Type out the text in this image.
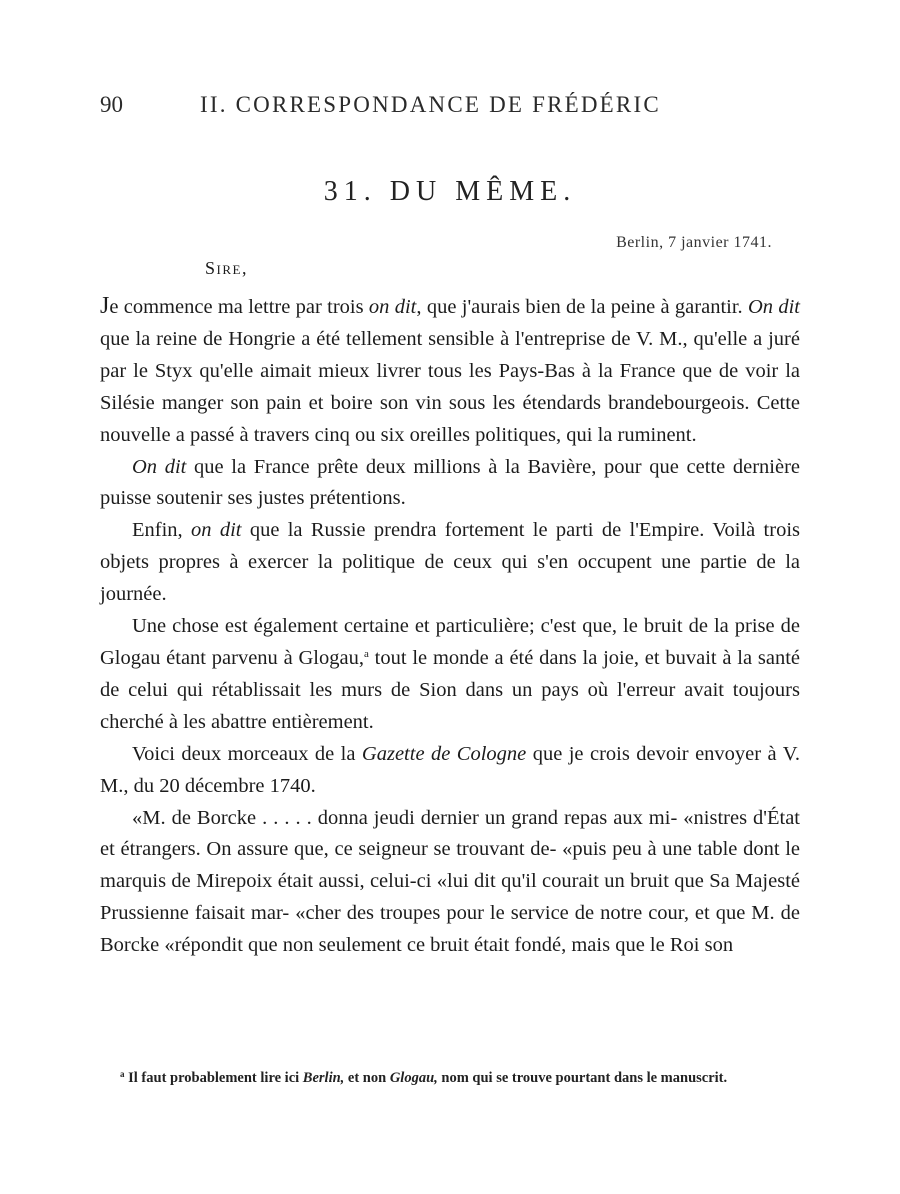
90	II. CORRESPONDANCE DE FRÉDÉRIC
31. DU MÊME.
Berlin, 7 janvier 1741.
Sire,

Je commence ma lettre par trois on dit, que j'aurais bien de la peine à garantir. On dit que la reine de Hongrie a été tellement sensible à l'entreprise de V. M., qu'elle a juré par le Styx qu'elle aimait mieux livrer tous les Pays-Bas à la France que de voir la Silésie manger son pain et boire son vin sous les étendards brandebourgeois. Cette nouvelle a passé à travers cinq ou six oreilles politiques, qui la ruminent.

On dit que la France prête deux millions à la Bavière, pour que cette dernière puisse soutenir ses justes prétentions.

Enfin, on dit que la Russie prendra fortement le parti de l'Empire. Voilà trois objets propres à exercer la politique de ceux qui s'en occupent une partie de la journée.

Une chose est également certaine et particulière; c'est que, le bruit de la prise de Glogau étant parvenu à Glogau,$^a$ tout le monde a été dans la joie, et buvait à la santé de celui qui rétablissait les murs de Sion dans un pays où l'erreur avait toujours cherché à les abattre entièrement.

Voici deux morceaux de la Gazette de Cologne que je crois devoir envoyer à V. M., du 20 décembre 1740.

«M. de Borcke . . . . . donna jeudi dernier un grand repas aux mi- «nistres d'État et étrangers. On assure que, ce seigneur se trouvant de- «puis peu à une table dont le marquis de Mirepoix était aussi, celui-ci «lui dit qu'il courait un bruit que Sa Majesté Prussienne faisait mar- «cher des troupes pour le service de notre cour, et que M. de Borcke «répondit que non seulement ce bruit était fondé, mais que le Roi son

$^a$ Il faut probablement lire ici Berlin, et non Glogau, nom qui se trouve pourtant dans le manuscrit.
